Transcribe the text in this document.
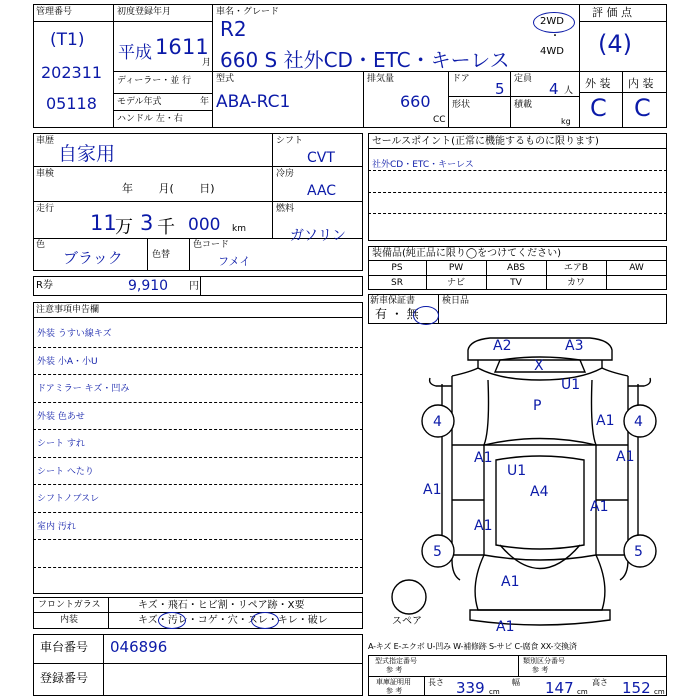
管理番号
(T1)
202311
05118
初度登録年月
平成 16 11
月
ディーラー・並 行
モデル年式	年
ハンドル 左・右
車名・グレード
R2
660 S 社外CD・ETC・キーレス
2WD
・
4WD
型式
ABA-RC1
排気量
660
CC
ドア
5
定員
4 人
形状	積載
kg
評 価 点
(4)
外 装 内 装
C C
車歴
自家用
車検
年 月( 日)
走行
11
万 3 千 000 km
色
ブラック	色替
色コード
フメイ
シフト
CVT
冷房
AAC
燃料
ガソリン
セールスポイント(正常に機能するものに限ります)
社外CD・ETC・キーレス
装備品(純正品に限り◯をつけてください)
PS	PW	ABS	エアB	AW
SR	ナビ	TV	カワ
R券	9,910 円
新車保証書
有 ・ 無
検日品
注意事項申告欄
外装 うすい線キズ
外装 小A・小U
ドアミラー キズ・凹み
外装 色あせ
シート すれ
シート へたり
シフトノブスレ
室内 汚れ
フロントガラス	キズ・飛石・ヒビ割・リペア跡・X要
内装	キズ・汚レ・コゲ・穴・スレ・キレ・破レ
車台番号 046896
登録番号
A-キズ E-エクボ U-凹み W-補修跡 S-サビ C-腐食 XX-交換済
型式指定番号
参 考
類別区分番号
参 考
車庫証明用
参 考
長さ 339 cm
幅 147 cm
高さ 152 cm
A2	A3
X
U1
P
A1
4	4
A1	A1
U1
A4
A1
A1
A1
5	5
スペア
A1
A1
